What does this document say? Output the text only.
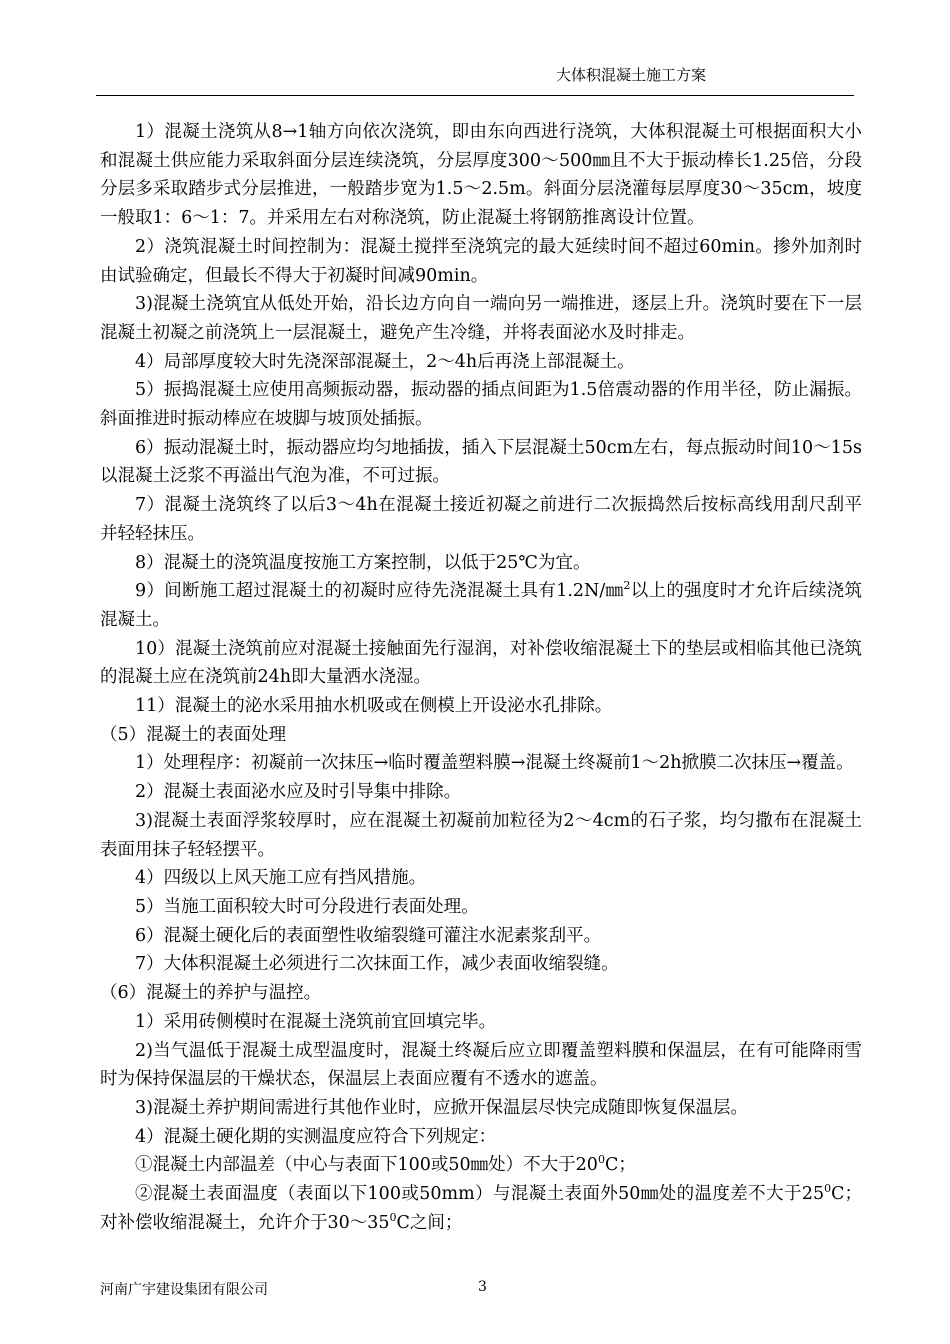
大体积混凝土施工方案

1）混凝土浇筑从8→1轴方向依次浇筑，即由东向西进行浇筑，大体积混凝土可根据面积大小和混凝土供应能力采取斜面分层连续浇筑，分层厚度300～500㎜且不大于振动棒长1.25倍，分段分层多采取踏步式分层推进，一般踏步宽为1.5～2.5m。斜面分层浇灌每层厚度30～35cm，坡度一般取1：6～1：7。并采用左右对称浇筑，防止混凝土将钢筋推离设计位置。

2）浇筑混凝土时间控制为：混凝土搅拌至浇筑完的最大延续时间不超过60min。掺外加剂时由试验确定，但最长不得大于初凝时间减90min。

3)混凝土浇筑宜从低处开始，沿长边方向自一端向另一端推进，逐层上升。浇筑时要在下一层混凝土初凝之前浇筑上一层混凝土，避免产生冷缝，并将表面泌水及时排走。

4）局部厚度较大时先浇深部混凝土，2～4h后再浇上部混凝土。

5）振捣混凝土应使用高频振动器，振动器的插点间距为1.5倍震动器的作用半径，防止漏振。斜面推进时振动棒应在坡脚与坡顶处插振。

6）振动混凝土时，振动器应均匀地插拔，插入下层混凝土50cm左右，每点振动时间10～15s以混凝土泛浆不再溢出气泡为准，不可过振。

7）混凝土浇筑终了以后3～4h在混凝土接近初凝之前进行二次振捣然后按标高线用刮尺刮平并轻轻抹压。

8）混凝土的浇筑温度按施工方案控制，以低于25℃为宜。

9）间断施工超过混凝土的初凝时应待先浇混凝土具有1.2N/㎜$^2$以上的强度时才允许后续浇筑混凝土。

10）混凝土浇筑前应对混凝土接触面先行湿润，对补偿收缩混凝土下的垫层或相临其他已浇筑的混凝土应在浇筑前24h即大量洒水浇湿。

11）混凝土的泌水采用抽水机吸或在侧模上开设泌水孔排除。

（5）混凝土的表面处理

1）处理程序：初凝前一次抹压→临时覆盖塑料膜→混凝土终凝前1～2h掀膜二次抹压→覆盖。

2）混凝土表面泌水应及时引导集中排除。

3)混凝土表面浮浆较厚时，应在混凝土初凝前加粒径为2～4cm的石子浆，均匀撒布在混凝土表面用抹子轻轻摆平。

4）四级以上风天施工应有挡风措施。

5）当施工面积较大时可分段进行表面处理。

6）混凝土硬化后的表面塑性收缩裂缝可灌注水泥素浆刮平。

7）大体积混凝土必须进行二次抹面工作，减少表面收缩裂缝。

（6）混凝土的养护与温控。

1）采用砖侧模时在混凝土浇筑前宜回填完毕。

2)当气温低于混凝土成型温度时，混凝土终凝后应立即覆盖塑料膜和保温层，在有可能降雨雪时为保持保温层的干燥状态，保温层上表面应覆有不透水的遮盖。

3)混凝土养护期间需进行其他作业时，应掀开保温层尽快完成随即恢复保温层。

4）混凝土硬化期的实测温度应符合下列规定：

①混凝土内部温差（中心与表面下100或50㎜处）不大于$20^0C$；

②混凝土表面温度（表面以下100或50mm）与混凝土表面外50㎜处的温度差不大于$25^0C$；对补偿收缩混凝土，允许介于$30\sim 35^0C$之间；

河南广宇建设集团有限公司	3
